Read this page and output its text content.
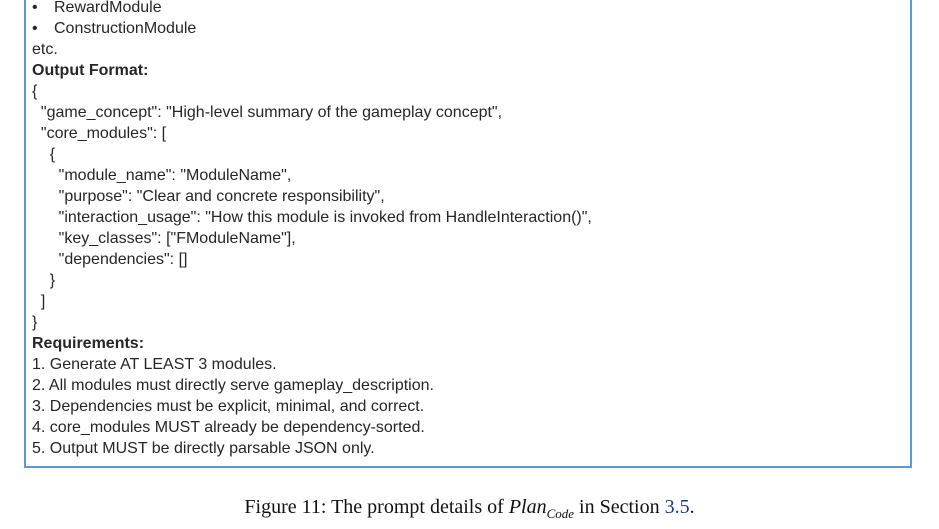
• RewardModule
• ConstructionModule
etc.
Output Format:
{
"game_concept": "High-level summary of the gameplay concept",
"core_modules": [
{
"module_name": "ModuleName",
"purpose": "Clear and concrete responsibility",
"interaction_usage": "How this module is invoked from HandleInteraction()",
"key_classes": ["FModuleName"],
"dependencies": []
}
]
}
Requirements:
1. Generate AT LEAST 3 modules.
2. All modules must directly serve gameplay_description.
3. Dependencies must be explicit, minimal, and correct.
4. core_modules MUST already be dependency-sorted.
5. Output MUST be directly parsable JSON only.
Figure 11: The prompt details of Plan$_{Code}$ in Section 3.5.
